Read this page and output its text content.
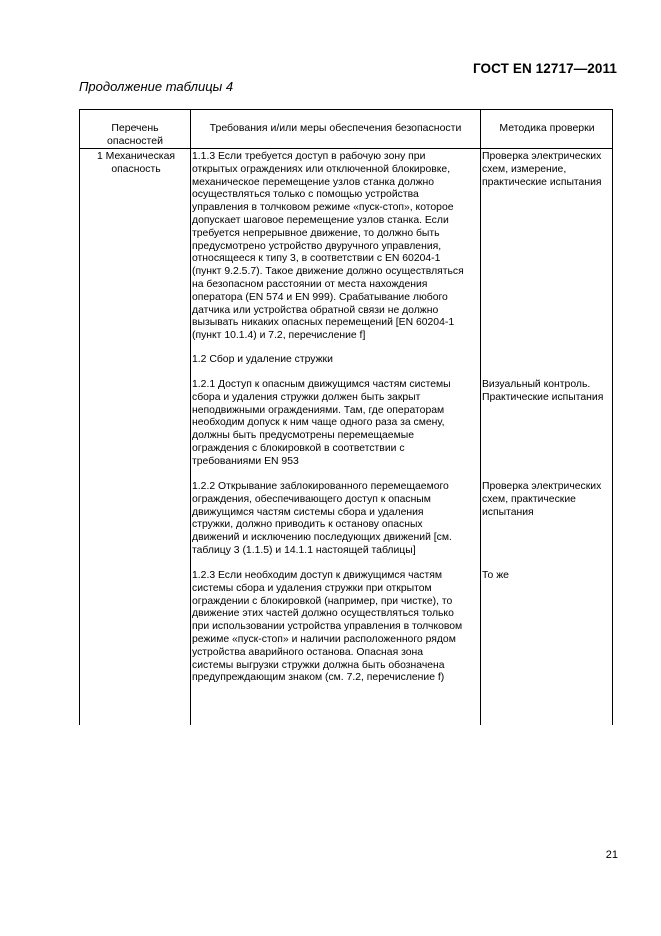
ГОСТ EN 12717—2011
Продолжение таблицы 4
Перечень
опасностей
Требования и/или меры обеспечения безопасности	Методика проверки
1 Механическая
опасность
1.1.3 Если требуется доступ в рабочую зону при
открытых ограждениях или отключенной блокировке,
механическое перемещение узлов станка должно
осуществляться только с помощью устройства
управления в толчковом режиме «пуск-стоп», которое
допускает шаговое перемещение узлов станка. Если
требуется непрерывное движение, то должно быть
предусмотрено устройство двуручного управления,
относящееся к типу 3, в соответствии с EN 60204-1
(пункт 9.2.5.7). Такое движение должно осуществляться
на безопасном расстоянии от места нахождения
оператора (EN 574 и EN 999). Срабатывание любого
датчика или устройства обратной связи не должно
вызывать никаких опасных перемещений [EN 60204-1
(пункт 10.1.4) и 7.2, перечисление f]
Проверка электрических
схем, измерение,
практические испытания
1.2 Сбор и удаление стружки
1.2.1 Доступ к опасным движущимся частям системы
сбора и удаления стружки должен быть закрыт
неподвижными ограждениями. Там, где операторам
необходим допуск к ним чаще одного раза за смену,
должны быть предусмотрены перемещаемые
ограждения с блокировкой в соответствии с
требованиями EN 953
Визуальный контроль.
Практические испытания
1.2.2 Открывание заблокированного перемещаемого
ограждения, обеспечивающего доступ к опасным
движущимся частям системы сбора и удаления
стружки, должно приводить к останову опасных
движений и исключению последующих движений [см.
таблицу 3 (1.1.5) и 14.1.1 настоящей таблицы]
Проверка электрических
схем, практические
испытания
1.2.3 Если необходим доступ к движущимся частям
системы сбора и удаления стружки при открытом
ограждении с блокировкой (например, при чистке), то
движение этих частей должно осуществляться только
при использовании устройства управления в толчковом
режиме «пуск-стоп» и наличии расположенного рядом
устройства аварийного останова. Опасная зона
системы выгрузки стружки должна быть обозначена
предупреждающим знаком (см. 7.2, перечисление f)
То же
21
